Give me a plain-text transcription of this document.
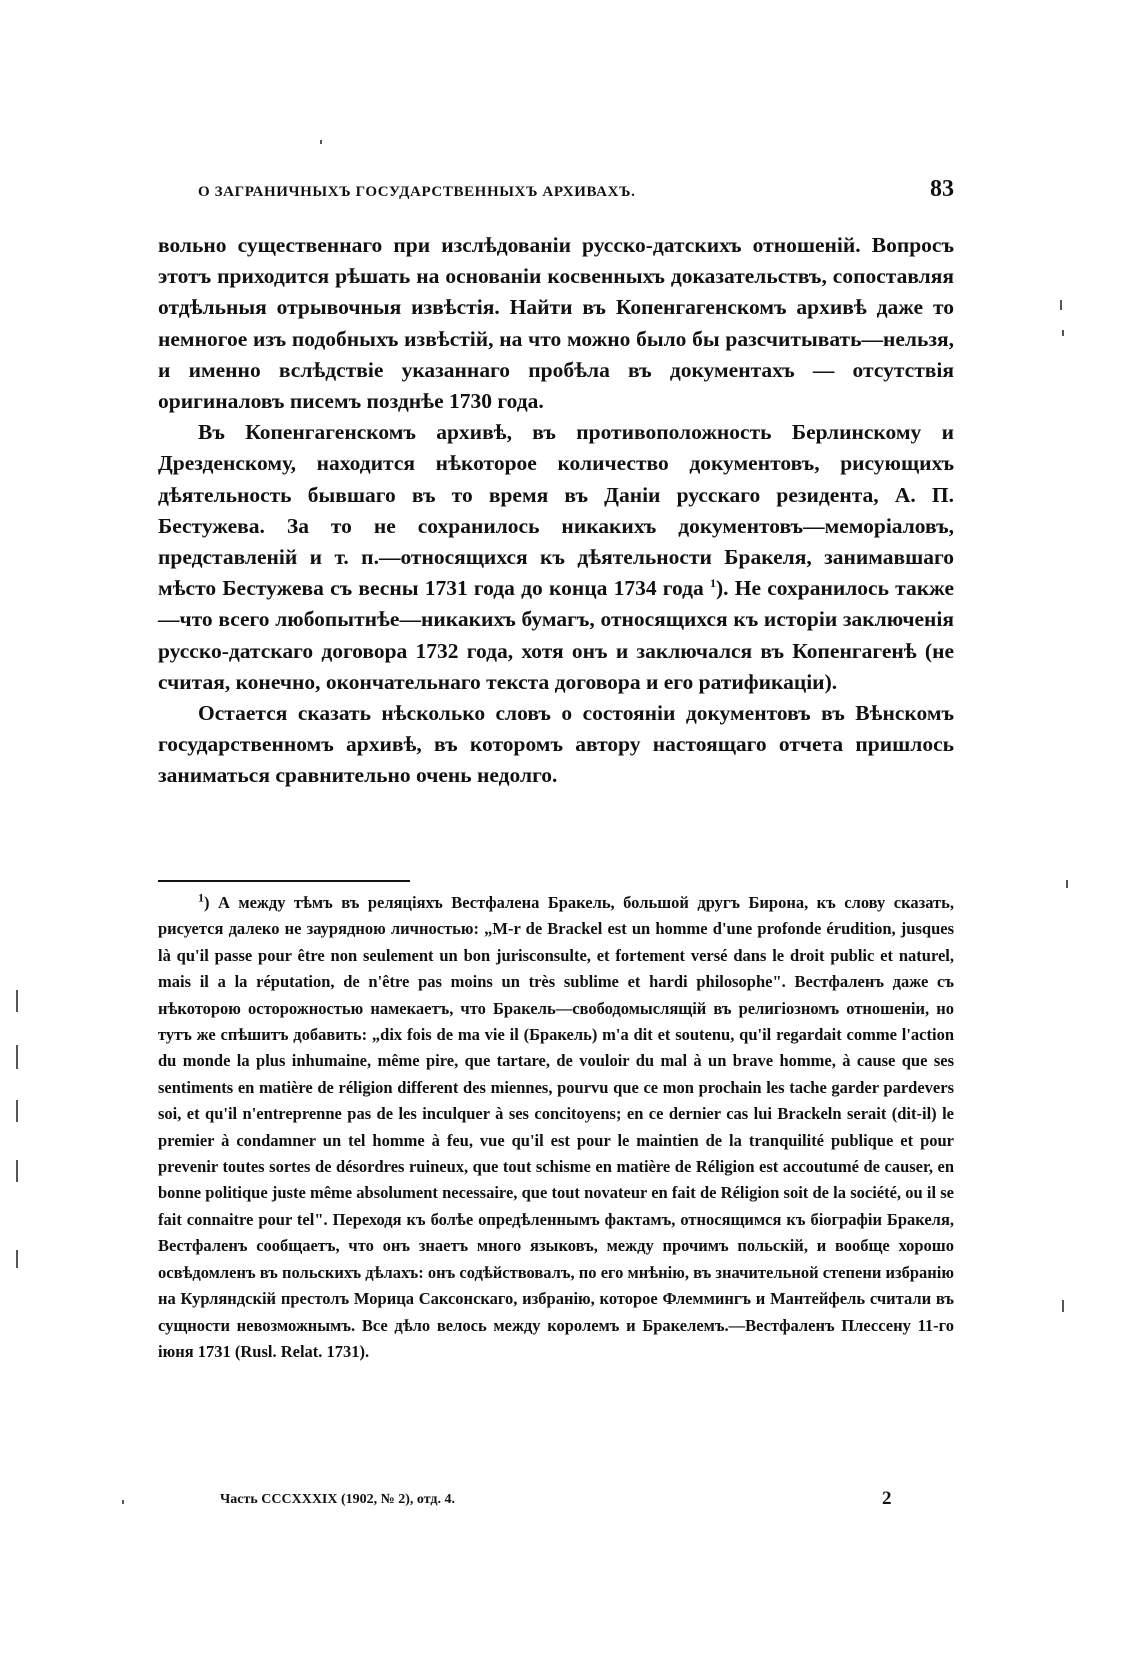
О ЗАГРАНИЧНЫХЪ ГОСУДАРСТВЕННЫХЪ АРХИВАХЪ.	83

вольно существеннаго при изслѣдованіи русско-датскихъ отношеній. Вопросъ этотъ приходится рѣшать на основаніи косвенныхъ доказательствъ, сопоставляя отдѣльныя отрывочныя извѣстія. Найти въ Копенгагенскомъ архивѣ даже то немногое изъ подобныхъ извѣстій, на что можно было бы разсчитывать—нельзя, и именно вслѣдствіе указаннаго пробѣла въ документахъ — отсутствія оригиналовъ писемъ позднѣе 1730 года.

Въ Копенгагенскомъ архивѣ, въ противоположность Берлинскому и Дрезденскому, находится нѣкоторое количество документовъ, рисующихъ дѣятельность бывшаго въ то время въ Даніи русскаго резидента, А. П. Бестужева. За то не сохранилось никакихъ документовъ—меморіаловъ, представленій и т. п.—относящихся къ дѣятельности Бракеля, занимавшаго мѣсто Бестужева съ весны 1731 года до конца 1734 года $^1$). Не сохранилось также—что всего любопытнѣе—никакихъ бумагъ, относящихся къ исторіи заключенія русско-датскаго договора 1732 года, хотя онъ и заключался въ Копенгагенѣ (не считая, конечно, окончательнаго текста договора и его ратификаціи).

Остается сказать нѣсколько словъ о состояніи документовъ въ Вѣнскомъ государственномъ архивѣ, въ которомъ автору настоящаго отчета пришлось заниматься сравнительно очень недолго.

$^1$) А между тѣмъ въ реляціяхъ Вестфалена Бракель, большой другъ Бирона, къ слову сказать, рисуется далеко не заурядною личностью: „M-r de Brackel est un homme d'une profonde érudition, jusques là qu'il passe pour être non seulement un bon jurisconsulte, et fortement versé dans le droit public et naturel, mais il a la réputation, de n'être pas moins un très sublime et hardi philosophe". Вестфаленъ даже съ нѣкоторою осторожностью намекаетъ, что Бракель—свободомыслящій въ религіозномъ отношеніи, но тутъ же спѣшитъ добавить: „dix fois de ma vie il (Бракель) m'a dit et soutenu, qu'il regardait comme l'action du monde la plus inhumaine, même pire, que tartare, de vouloir du mal à un brave homme, à cause que ses sentiments en matière de réligion different des miennes, pourvu que ce mon prochain les tache garder pardevers soi, et qu'il n'entreprenne pas de les inculquer à ses concitoyens; en ce dernier cas lui Brackeln serait (dit-il) le premier à condamner un tel homme à feu, vue qu'il est pour le maintien de la tranquilité publique et pour prevenir toutes sortes de désordres ruineux, que tout schisme en matière de Réligion est accoutumé de causer, en bonne politique juste même absolument necessaire, que tout novateur en fait de Réligion soit de la société, ou il se fait connaitre pour tel". Переходя къ болѣе опредѣленнымъ фактамъ, относящимся къ біографіи Бракеля, Вестфаленъ сообщаетъ, что онъ знаетъ много языковъ, между прочимъ польскій, и вообще хорошо освѣдомленъ въ польскихъ дѣлахъ: онъ содѣйствовалъ, по его мнѣнію, въ значительной степени избранію на Курляндскій престолъ Морица Саксонскаго, избранію, которое Флеммингъ и Мантейфель считали въ сущности невозможнымъ. Все дѣло велось между королемъ и Бракелемъ.—Вестфаленъ Плессену 11-го іюня 1731 (Rusl. Relat. 1731).

Часть CCCXXXIX (1902, № 2), отд. 4.	2
